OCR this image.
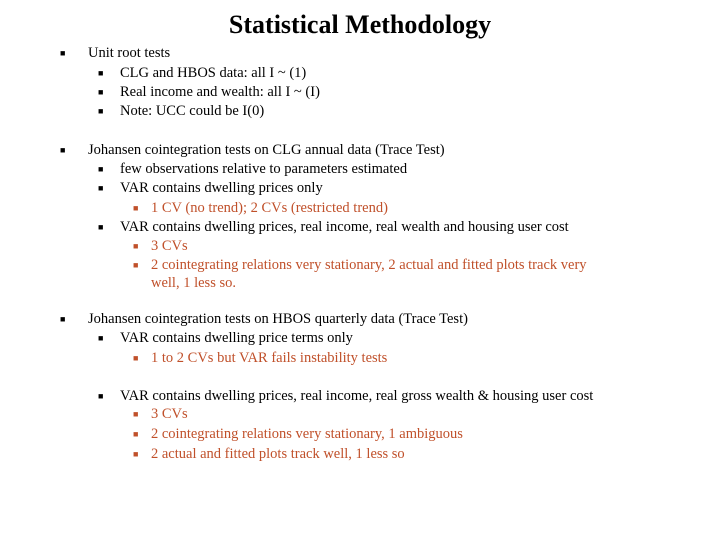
Statistical Methodology
■ Unit root tests
■ CLG and HBOS data: all I ~ (1)
■ Real income and wealth: all I ~ (I)
■ Note: UCC could be I(0)
■ Johansen cointegration tests on CLG annual data (Trace Test)
■ few observations relative to parameters estimated
■ VAR contains dwelling prices only
■ 1 CV (no trend); 2 CVs (restricted trend)
■ VAR contains dwelling prices, real income, real wealth and housing user cost
■ 3 CVs
■ 2 cointegrating relations very stationary, 2 actual and fitted plots track very
well, 1 less so.
■ Johansen cointegration tests on HBOS quarterly data (Trace Test)
■ VAR contains dwelling price terms only
■ 1 to 2 CVs but VAR fails instability tests
■ VAR contains dwelling prices, real income, real gross wealth & housing user cost
■ 3 CVs
■ 2 cointegrating relations very stationary, 1 ambiguous
■ 2 actual and fitted plots track well, 1 less so
